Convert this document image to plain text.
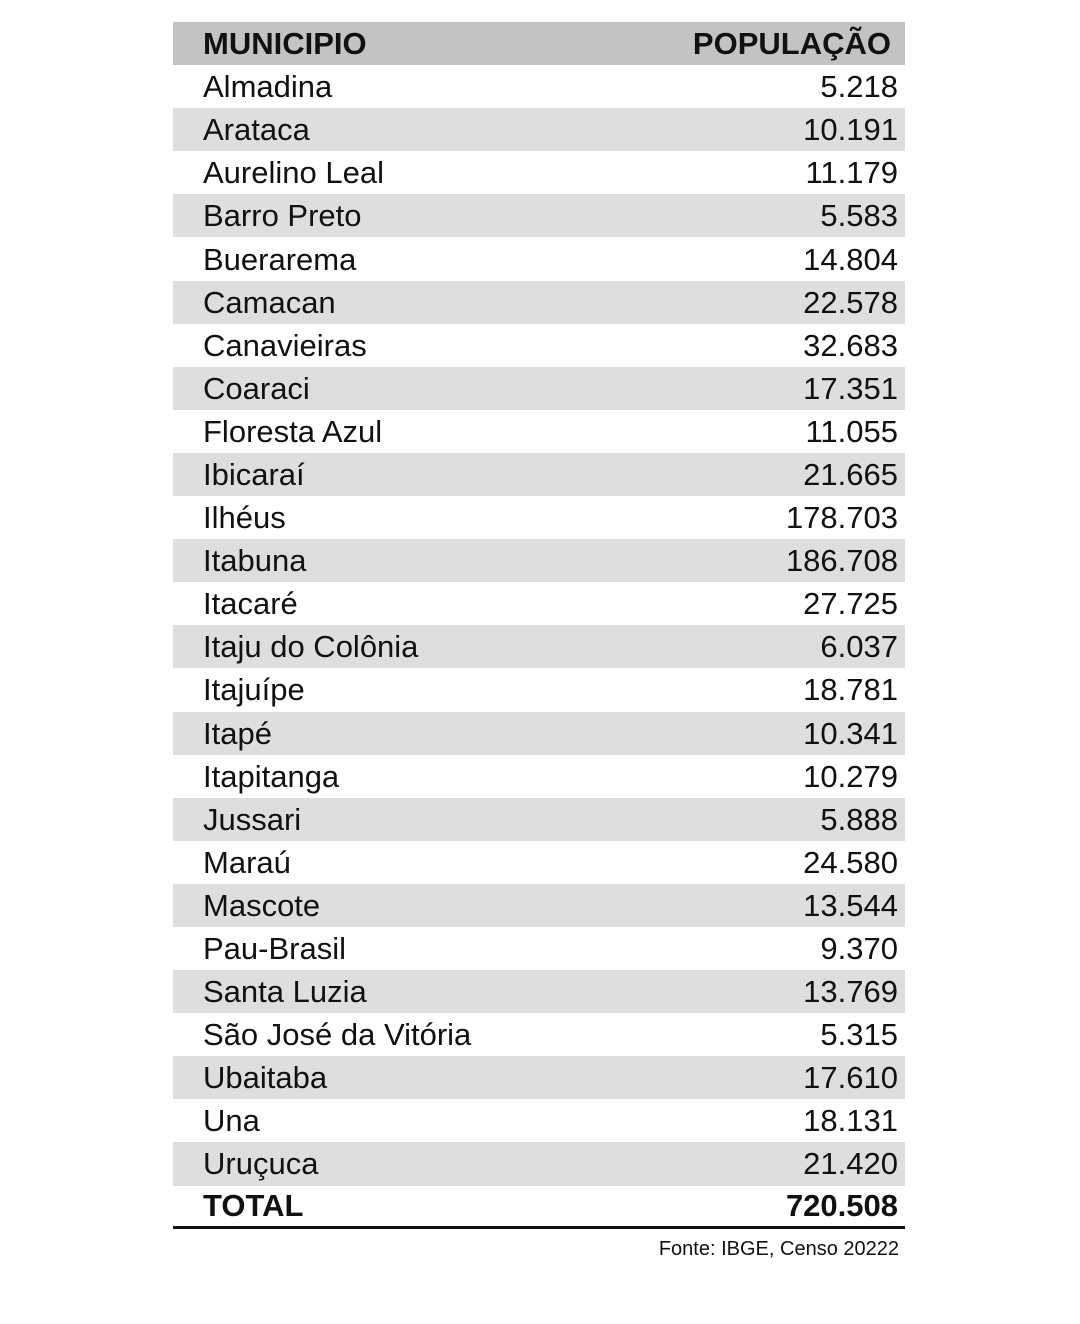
MUNICIPIO	POPULAÇÃO
Almadina	5.218
Arataca	10.191
Aurelino Leal	11.179
Barro Preto	5.583
Buerarema	14.804
Camacan	22.578
Canavieiras	32.683
Coaraci	17.351
Floresta Azul	11.055
Ibicaraí	21.665
Ilhéus	178.703
Itabuna	186.708
Itacaré	27.725
Itaju do Colônia	6.037
Itajuípe	18.781
Itapé	10.341
Itapitanga	10.279
Jussari	5.888
Maraú	24.580
Mascote	13.544
Pau-Brasil	9.370
Santa Luzia	13.769
São José da Vitória	5.315
Ubaitaba	17.610
Una	18.131
Uruçuca	21.420
TOTAL	720.508
Fonte: IBGE, Censo 20222
